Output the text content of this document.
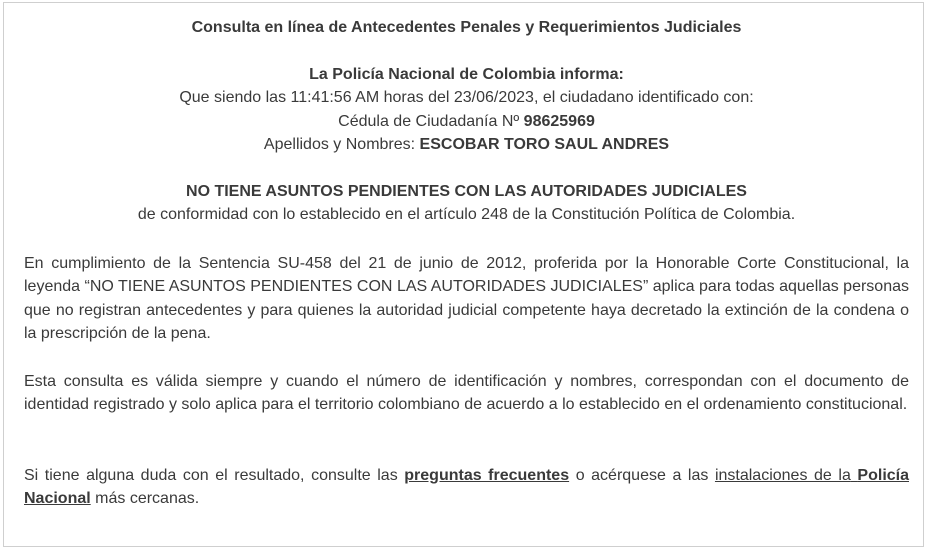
Consulta en línea de Antecedentes Penales y Requerimientos Judiciales
La Policía Nacional de Colombia informa:
Que siendo las 11:41:56 AM horas del 23/06/2023, el ciudadano identificado con:
Cédula de Ciudadanía Nº 98625969
Apellidos y Nombres: ESCOBAR TORO SAUL ANDRES
NO TIENE ASUNTOS PENDIENTES CON LAS AUTORIDADES JUDICIALES
de conformidad con lo establecido en el artículo 248 de la Constitución Política de Colombia.
En cumplimiento de la Sentencia SU-458 del 21 de junio de 2012, proferida por la Honorable Corte Constitucional, la leyenda “NO TIENE ASUNTOS PENDIENTES CON LAS AUTORIDADES JUDICIALES” aplica para todas aquellas personas que no registran antecedentes y para quienes la autoridad judicial competente haya decretado la extinción de la condena o la prescripción de la pena.
Esta consulta es válida siempre y cuando el número de identificación y nombres, correspondan con el documento de identidad registrado y solo aplica para el territorio colombiano de acuerdo a lo establecido en el ordenamiento constitucional.
Si tiene alguna duda con el resultado, consulte las preguntas frecuentes o acérquese a las instalaciones de la Policía Nacional más cercanas.
